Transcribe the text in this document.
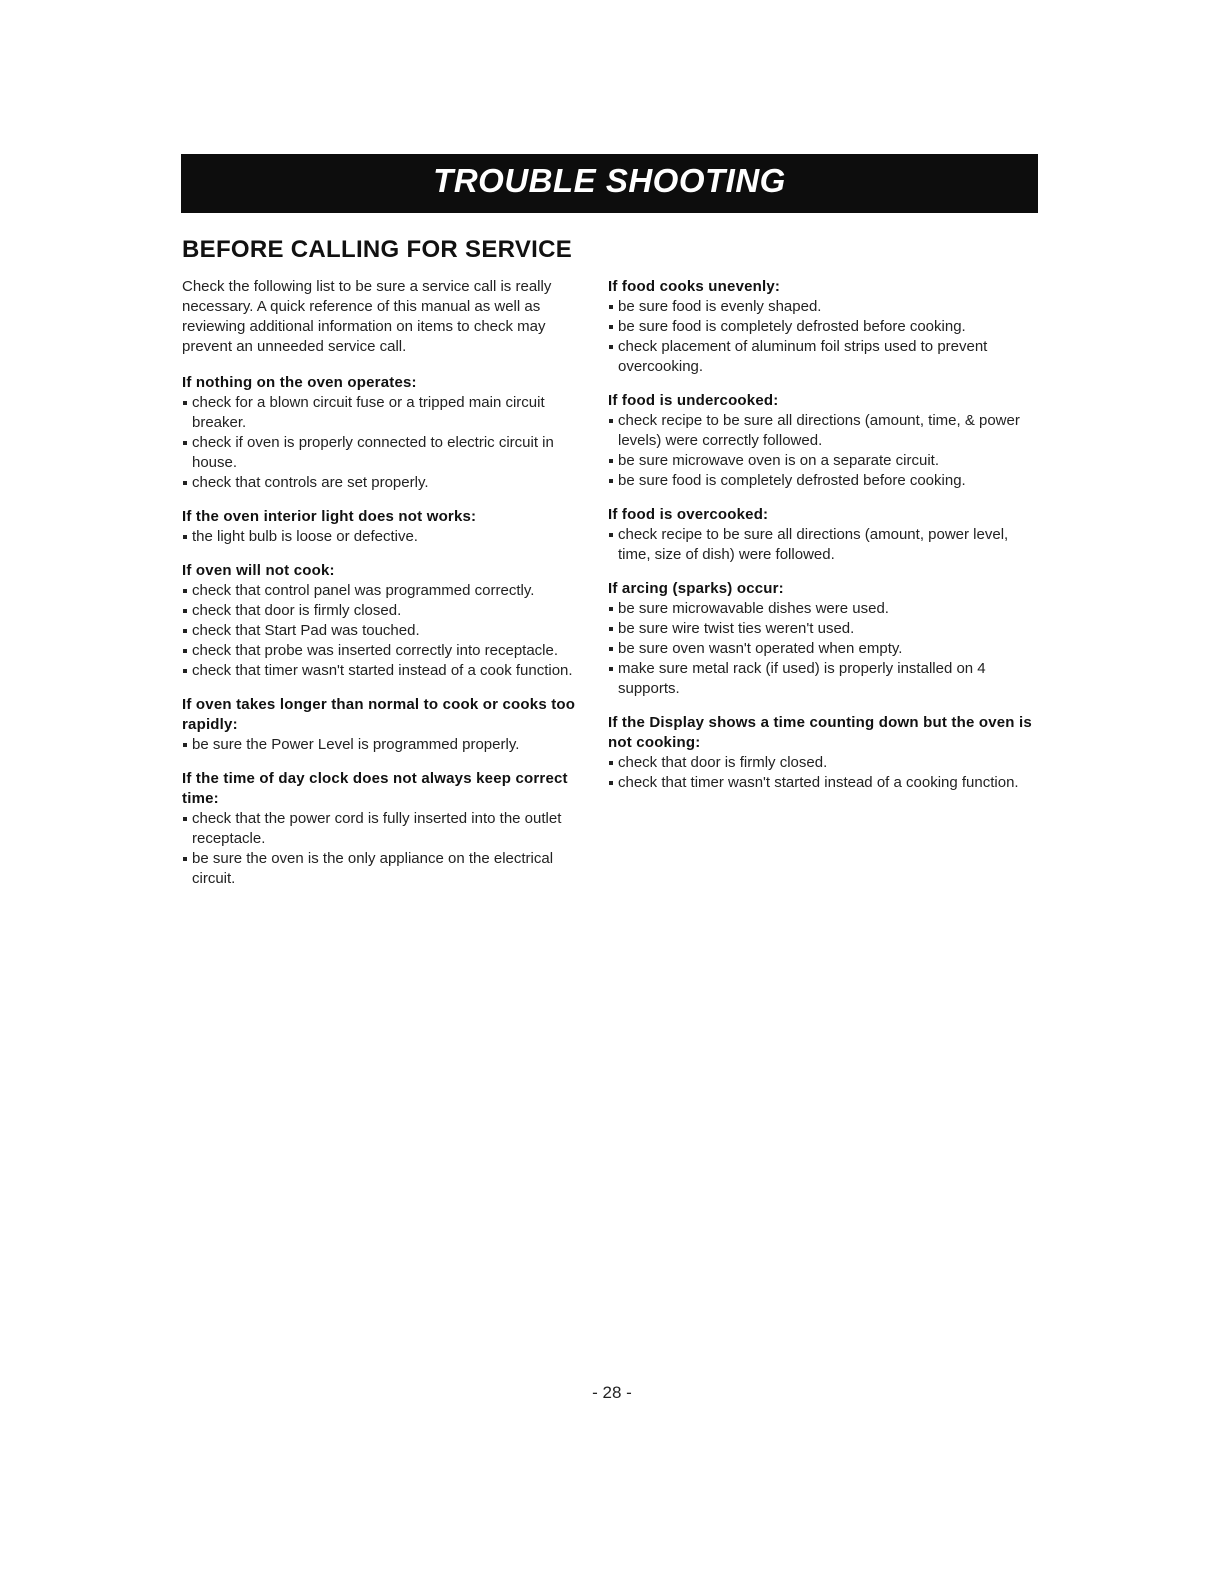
TROUBLE SHOOTING
BEFORE CALLING FOR SERVICE

Check the following list to be sure a service call is really necessary. A quick reference of this manual as well as reviewing additional information on items to check may prevent an unneeded service call.

If nothing on the oven operates:
check for a blown circuit fuse or a tripped main circuit breaker.
check if oven is properly connected to electric circuit in house.
check that controls are set properly.
If the oven interior light does not works:
the light bulb is loose or defective.
If oven will not cook:
check that control panel was programmed correctly.
check that door is firmly closed.
check that Start Pad was touched.
check that probe was inserted correctly into receptacle.
check that timer wasn't started instead of a cook function.
If oven takes longer than normal to cook or cooks too rapidly:
be sure the Power Level is programmed properly.
If the time of day clock does not always keep correct time:
check that the power cord is fully inserted into the outlet receptacle.
be sure the oven is the only appliance on the electrical circuit.
If food cooks unevenly:
be sure food is evenly shaped.
be sure food is completely defrosted before cooking.
check placement of aluminum foil strips used to prevent overcooking.
If food is undercooked:
check recipe to be sure all directions (amount, time, & power levels) were correctly followed.
be sure microwave oven is on a separate circuit.
be sure food is completely defrosted before cooking.
If food is overcooked:
check recipe to be sure all directions (amount, power level, time, size of dish) were followed.
If arcing (sparks) occur:
be sure microwavable dishes were used.
be sure wire twist ties weren't used.
be sure oven wasn't operated when empty.
make sure metal rack (if used) is properly installed on 4 supports.
If the Display shows a time counting down but the oven is not cooking:
check that door is firmly closed.
check that timer wasn't started instead of a cooking function.
- 28 -
